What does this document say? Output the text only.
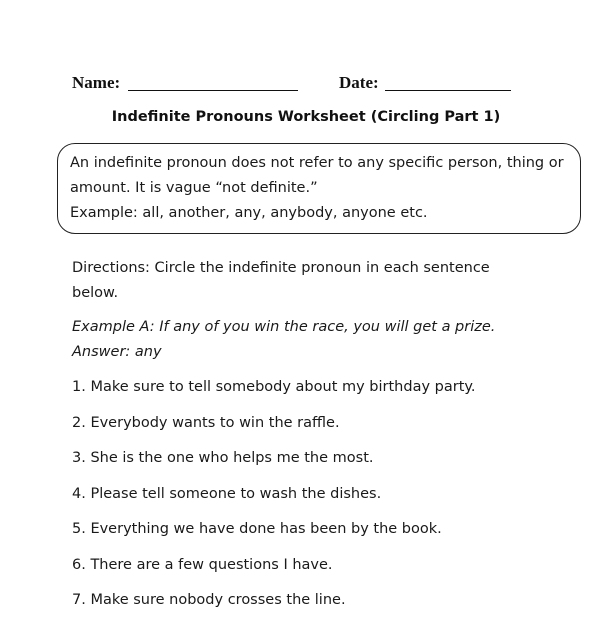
Name:	Date:
Indefinite Pronouns Worksheet (Circling Part 1)
An indefinite pronoun does not refer to any specific person, thing or
amount. It is vague “not definite.”
Example: all, another, any, anybody, anyone etc.
Directions: Circle the indefinite pronoun in each sentence
below.
Example A: If any of you win the race, you will get a prize.
Answer: any
1. Make sure to tell somebody about my birthday party.
2. Everybody wants to win the raffle.
3. She is the one who helps me the most.
4. Please tell someone to wash the dishes.
5. Everything we have done has been by the book.
6. There are a few questions I have.
7. Make sure nobody crosses the line.
